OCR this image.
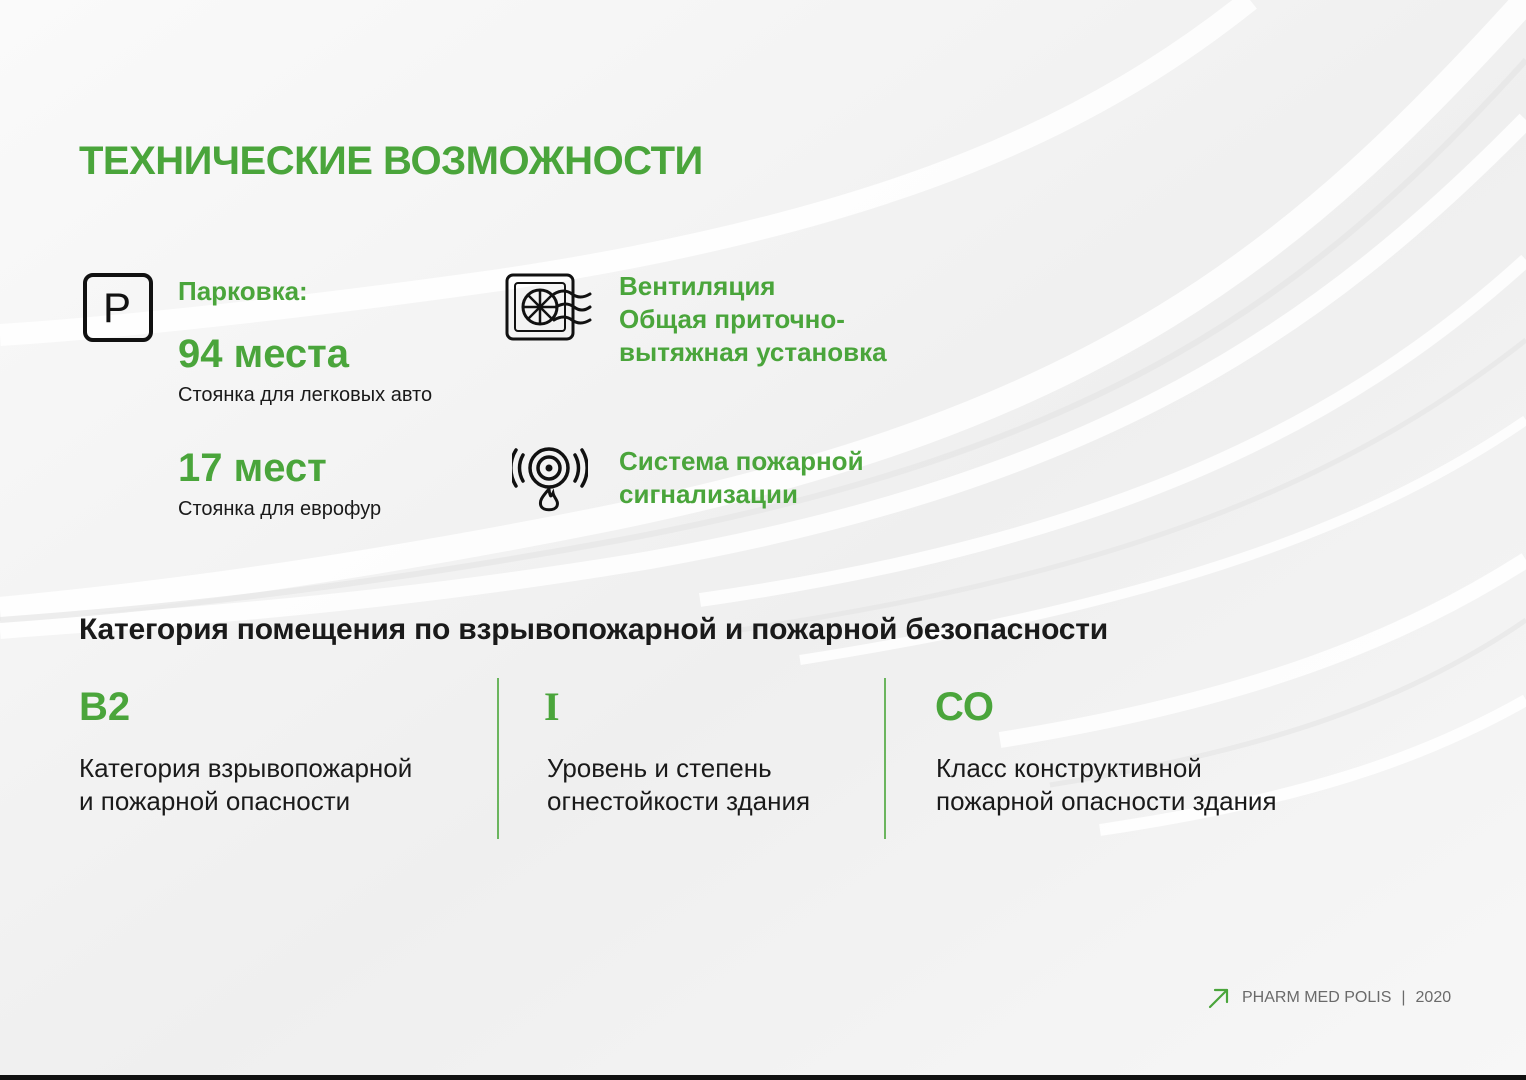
ТЕХНИЧЕСКИЕ ВОЗМОЖНОСТИ
P Парковка:

94 места

Стоянка для легковых авто

17 мест

Стоянка для еврофур

Вентиляция

Общая приточно-

вытяжная установка

Система пожарной

сигнализации

Категория помещения по взрывопожарной и пожарной безопасности

В2

Категория взрывопожарной

и пожарной опасности

I

Уровень и степень

огнестойкости здания

СО

Класс конструктивной

пожарной опасности здания

PHARM MED POLIS | 2020
